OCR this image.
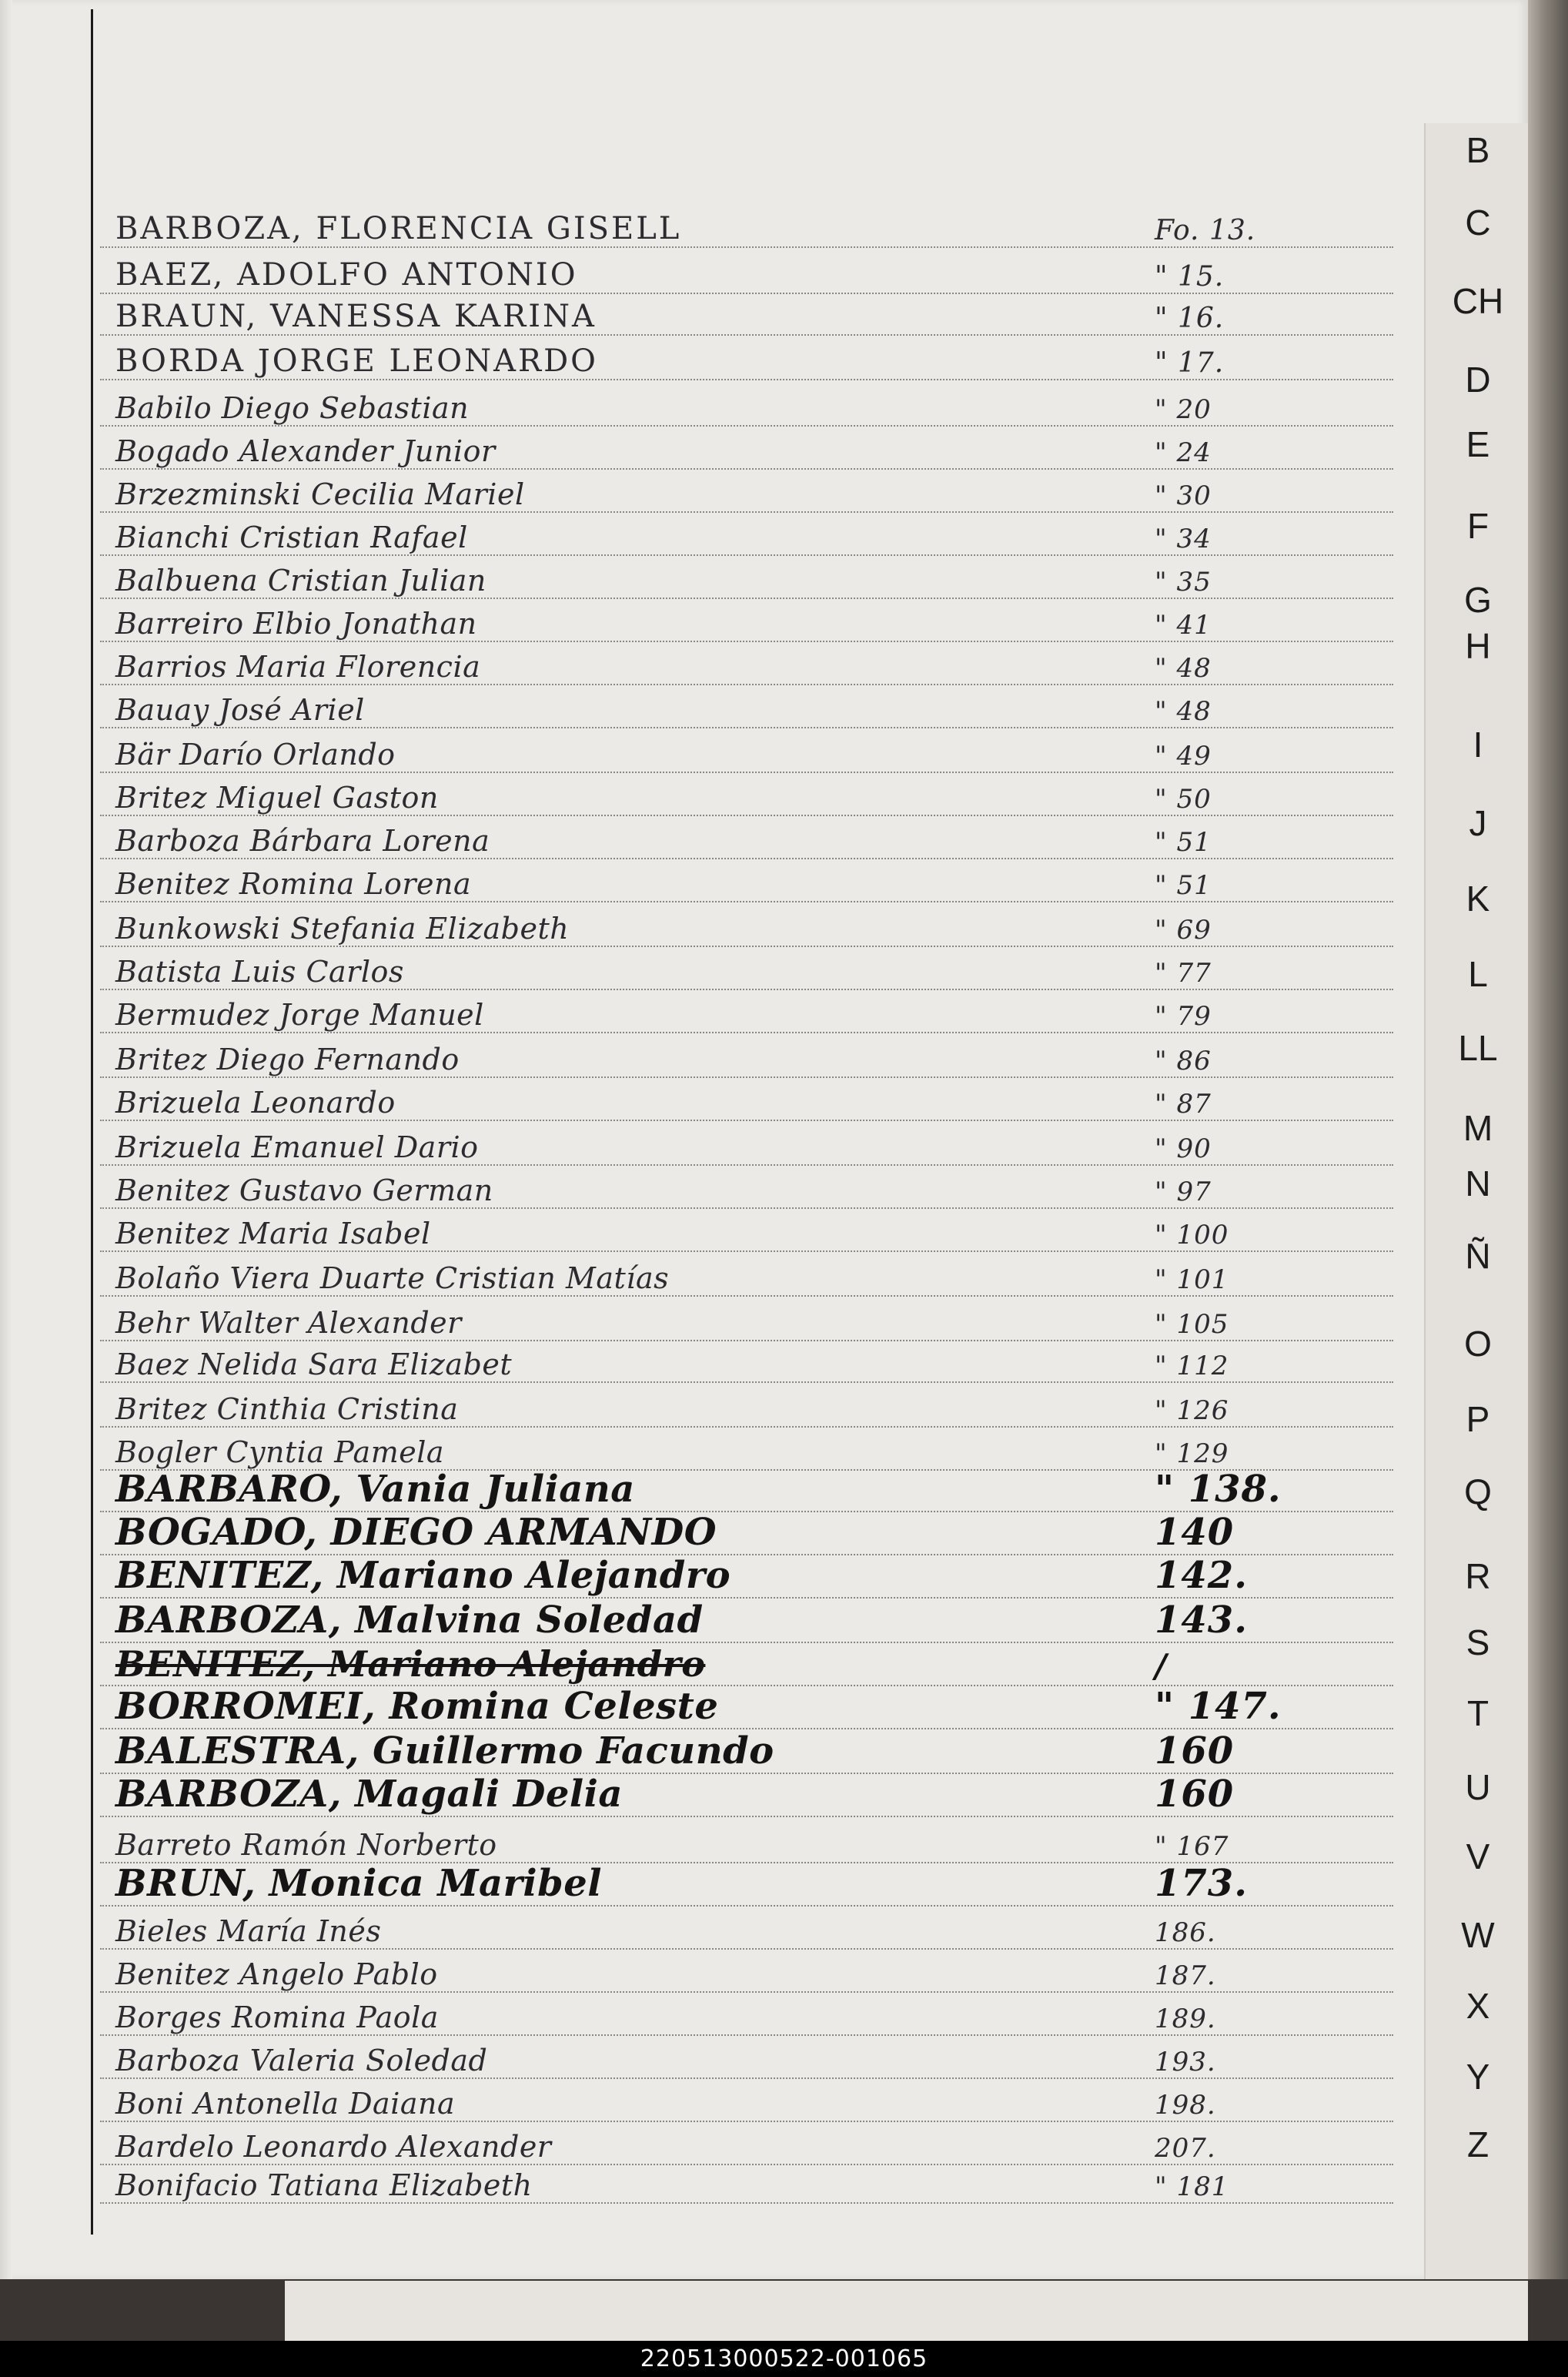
BARBOZA, FLORENCIA GISELL	Fo. 13.
BAEZ, ADOLFO ANTONIO	" 15.
BRAUN, VANESSA KARINA	" 16.
BORDA JORGE LEONARDO	" 17.
Babilo Diego Sebastian	" 20
Bogado Alexander Junior	" 24
Brzezminski Cecilia Mariel	" 30
Bianchi Cristian Rafael	" 34
Balbuena Cristian Julian	" 35
Barreiro Elbio Jonathan	" 41
Barrios Maria Florencia	" 48
Bauay José Ariel	" 48
Bär Darío Orlando	" 49
Britez Miguel Gaston	" 50
Barboza Bárbara Lorena	" 51
Benitez Romina Lorena	" 51
Bunkowski Stefania Elizabeth	" 69
Batista Luis Carlos	" 77
Bermudez Jorge Manuel	" 79
Britez Diego Fernando	" 86
Brizuela Leonardo	" 87
Brizuela Emanuel Dario	" 90
Benitez Gustavo German	" 97
Benitez Maria Isabel	" 100
Bolaño Viera Duarte Cristian Matías	" 101
Behr Walter Alexander	" 105
Baez Nelida Sara Elizabet	" 112
Britez Cinthia Cristina	" 126
Bogler Cyntia Pamela	" 129
BARBARO, Vania Juliana	" 138.
BOGADO, DIEGO ARMANDO	140
BENITEZ, Mariano Alejandro	142.
BARBOZA, Malvina Soledad	143.
BENITEZ, Mariano Alejandro	/
BORROMEI, Romina Celeste	" 147.
BALESTRA, Guillermo Facundo	160
BARBOZA, Magali Delia	160
Barreto Ramón Norberto	" 167
BRUN, Monica Maribel	173.
Bieles María Inés	186.
Benitez Angelo Pablo	187.
Borges Romina Paola	189.
Barboza Valeria Soledad	193.
Boni Antonella Daiana	198.
Bardelo Leonardo Alexander	207.
Bonifacio Tatiana Elizabeth	" 181
B
C
CH
D
E
F
G
H
I
J
K
L
LL
M
N
Ñ
O
P
Q
R
S
T
U
V
W
X
Y
Z
220513000522-001065
